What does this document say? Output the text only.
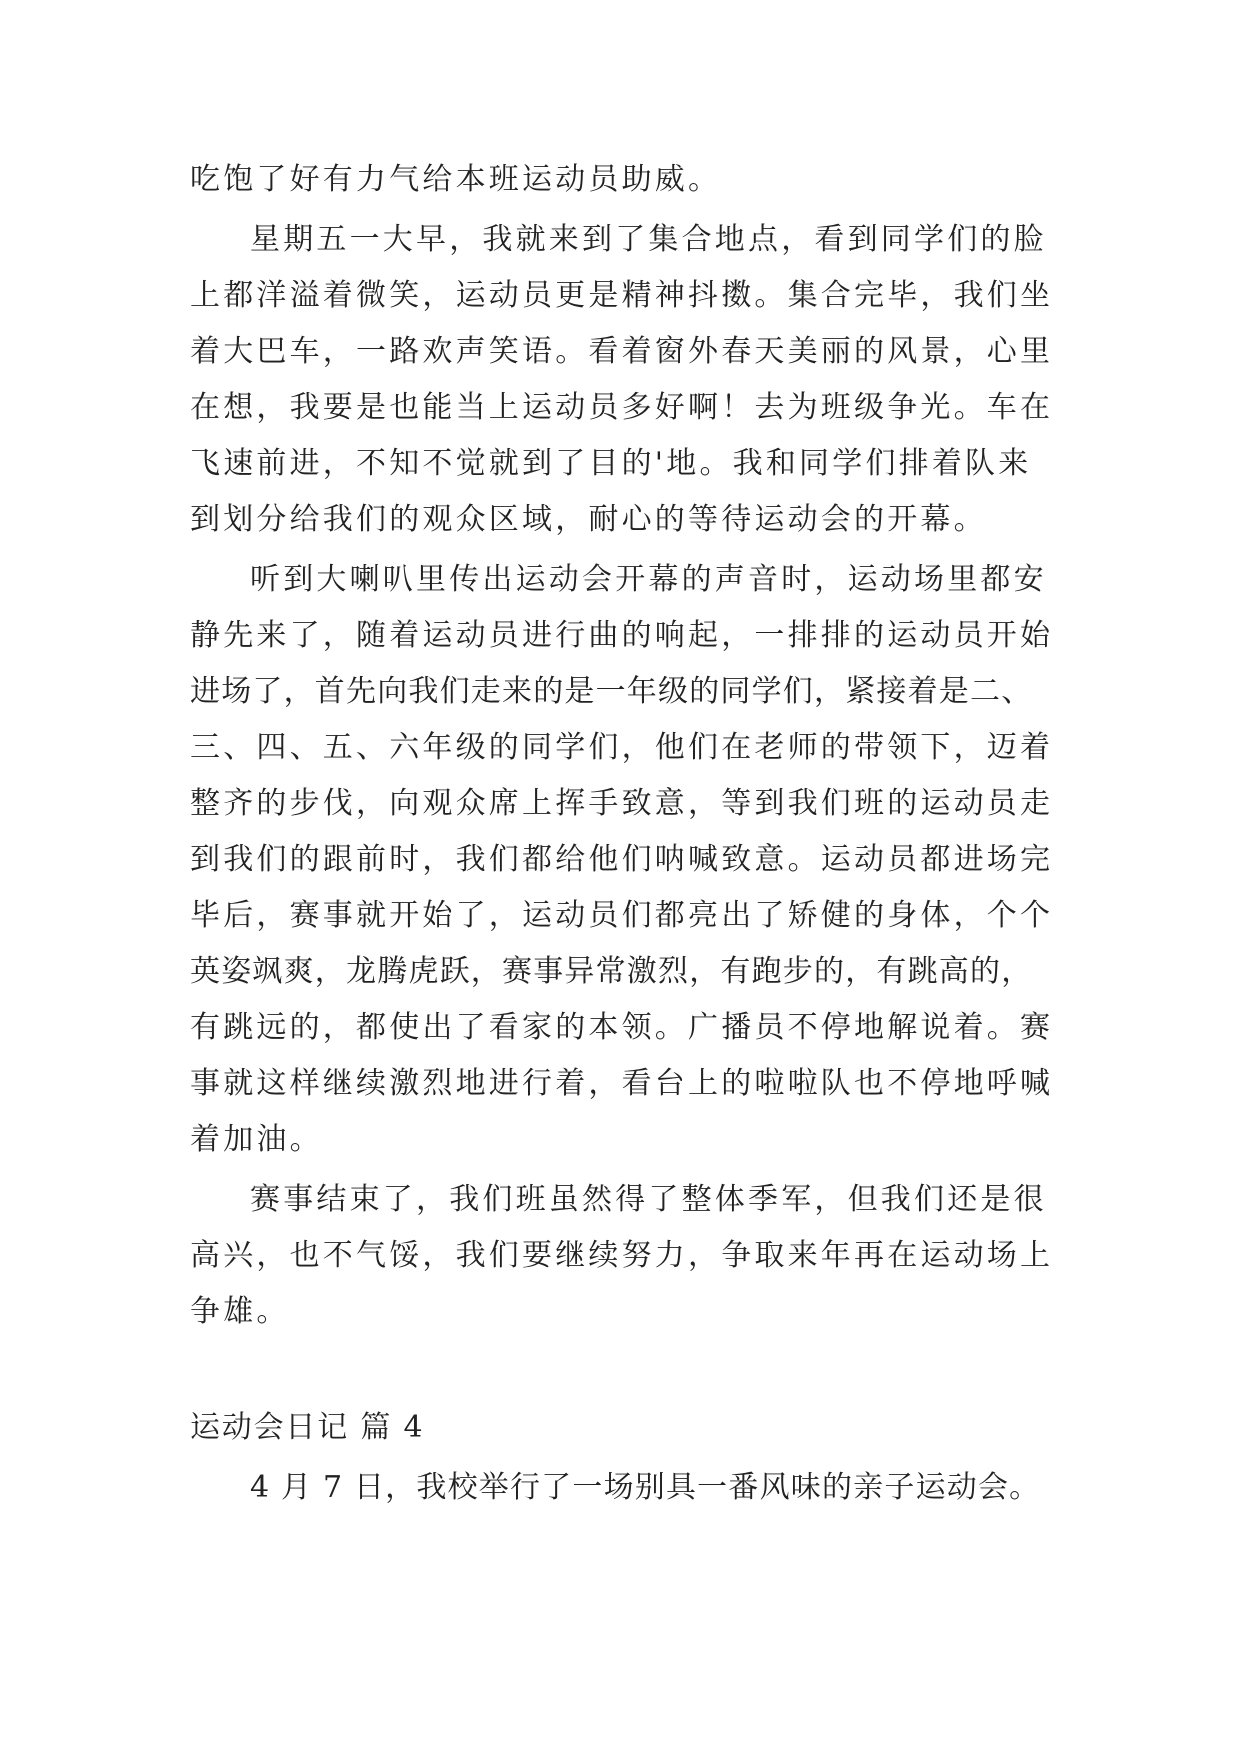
吃饱了好有力气给本班运动员助威。
星期五一大早，我就来到了集合地点，看到同学们的脸
上都洋溢着微笑，运动员更是精神抖擞。集合完毕，我们坐
着大巴车，一路欢声笑语。看着窗外春天美丽的风景，心里
在想，我要是也能当上运动员多好啊！去为班级争光。车在
飞速前进，不知不觉就到了目的'地。我和同学们排着队来
到划分给我们的观众区域，耐心的等待运动会的开幕。
听到大喇叭里传出运动会开幕的声音时，运动场里都安
静先来了，随着运动员进行曲的响起，一排排的运动员开始
进场了，首先向我们走来的是一年级的同学们，紧接着是二、
三、四、五、六年级的同学们，他们在老师的带领下，迈着
整齐的步伐，向观众席上挥手致意，等到我们班的运动员走
到我们的跟前时，我们都给他们呐喊致意。运动员都进场完
毕后，赛事就开始了，运动员们都亮出了矫健的身体，个个
英姿飒爽，龙腾虎跃，赛事异常激烈，有跑步的，有跳高的，
有跳远的，都使出了看家的本领。广播员不停地解说着。赛
事就这样继续激烈地进行着，看台上的啦啦队也不停地呼喊
着加油。
赛事结束了，我们班虽然得了整体季军，但我们还是很
高兴，也不气馁，我们要继续努力，争取来年再在运动场上
争雄。
运动会日记 篇 4
4 月 7 日，我校举行了一场别具一番风味的亲子运动会。
